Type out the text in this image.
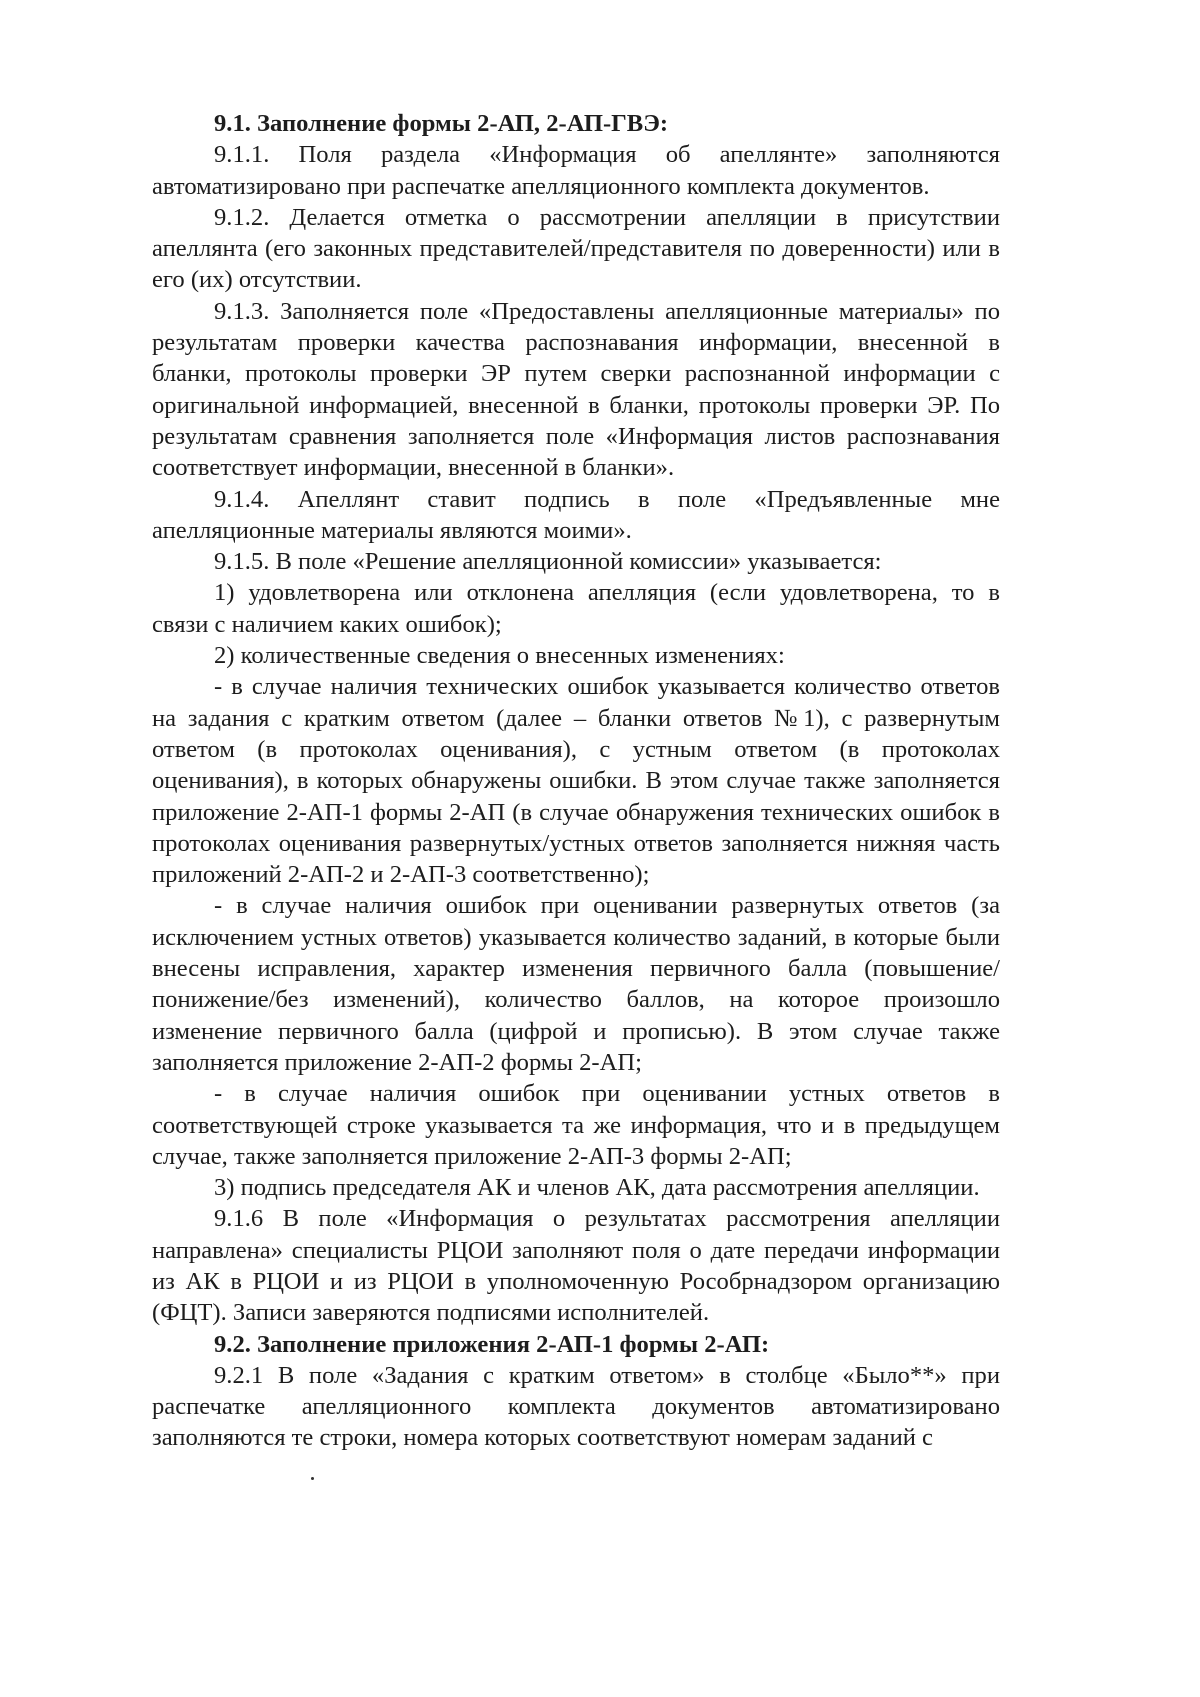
9.1. Заполнение формы 2-АП, 2-АП-ГВЭ:

9.1.1. Поля раздела «Информация об апеллянте» заполняются автоматизировано при распечатке апелляционного комплекта документов.

9.1.2. Делается отметка о рассмотрении апелляции в присутствии апеллянта (его законных представителей/представителя по доверенности) или в его (их) отсутствии.

9.1.3. Заполняется поле «Предоставлены апелляционные материалы» по результатам проверки качества распознавания информации, внесенной в бланки, протоколы проверки ЭР путем сверки распознанной информации с оригинальной информацией, внесенной в бланки, протоколы проверки ЭР. По результатам сравнения заполняется поле «Информация листов распознавания соответствует информации, внесенной в бланки».

9.1.4. Апеллянт ставит подпись в поле «Предъявленные мне апелляционные материалы являются моими».

9.1.5. В поле «Решение апелляционной комиссии» указывается:

1) удовлетворена или отклонена апелляция (если удовлетворена, то в связи с наличием каких ошибок);

2) количественные сведения о внесенных изменениях:

- в случае наличия технических ошибок указывается количество ответов на задания с кратким ответом (далее – бланки ответов №1), с развернутым ответом (в протоколах оценивания), с устным ответом (в протоколах оценивания), в которых обнаружены ошибки. В этом случае также заполняется приложение 2-АП-1 формы 2-АП (в случае обнаружения технических ошибок в протоколах оценивания развернутых/устных ответов заполняется нижняя часть приложений 2-АП-2 и 2-АП-3 соответственно);

- в случае наличия ошибок при оценивании развернутых ответов (за исключением устных ответов) указывается количество заданий, в которые были внесены исправления, характер изменения первичного балла (повышение/понижение/без изменений), количество баллов, на которое произошло изменение первичного балла (цифрой и прописью). В этом случае также заполняется приложение 2-АП-2 формы 2-АП;

- в случае наличия ошибок при оценивании устных ответов в соответствующей строке указывается та же информация, что и в предыдущем случае, также заполняется приложение 2-АП-3 формы 2-АП;

3) подпись председателя АК и членов АК, дата рассмотрения апелляции.

9.1.6 В поле «Информация о результатах рассмотрения апелляции направлена» специалисты РЦОИ заполняют поля о дате передачи информации из АК в РЦОИ и из РЦОИ в уполномоченную Рособрнадзором организацию (ФЦТ). Записи заверяются подписями исполнителей.

9.2. Заполнение приложения 2-АП-1 формы 2-АП:

9.2.1 В поле «Задания с кратким ответом» в столбце «Было**» при распечатке апелляционного комплекта документов автоматизировано заполняются те строки, номера которых соответствуют номерам заданий с
